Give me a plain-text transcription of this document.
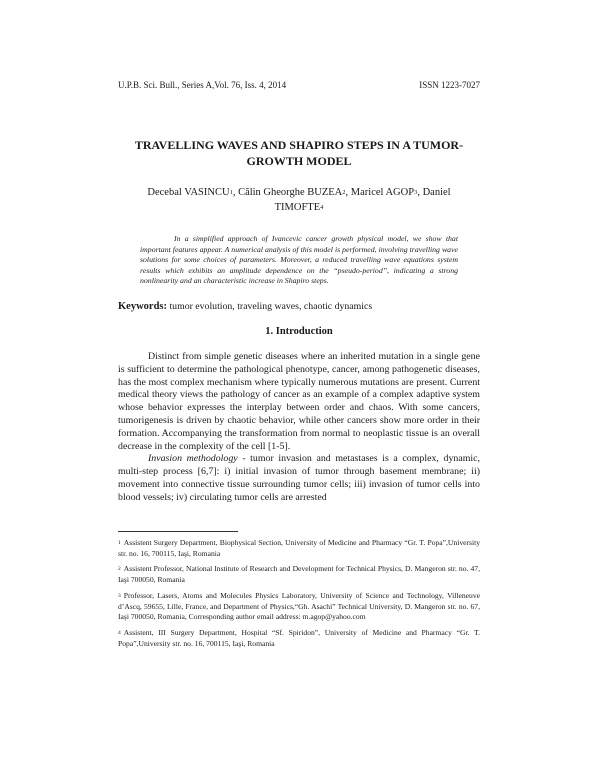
U.P.B. Sci. Bull., Series A,Vol. 76, Iss. 4, 2014	ISSN 1223-7027
TRAVELLING WAVES AND SHAPIRO STEPS IN A TUMOR-GROWTH MODEL
Decebal VASINCU$^1$, Călin Gheorghe BUZEA$^2$, Maricel AGOP$^3$, Daniel TIMOFTE$^4$
In a simplified approach of Ivancevic cancer growth physical model, we show that important features appear. A numerical analysis of this model is performed, involving travelling wave solutions for some choices of parameters. Moreover, a reduced travelling wave equations system results which exhibits an amplitude dependence on the “pseudo-period”, indicating a strong nonlinearity and an characteristic increase in Shapiro steps.
Keywords: tumor evolution, traveling waves, chaotic dynamics
1. Introduction

Distinct from simple genetic diseases where an inherited mutation in a single gene is sufficient to determine the pathological phenotype, cancer, among pathogenetic diseases, has the most complex mechanism where typically numerous mutations are present. Current medical theory views the pathology of cancer as an example of a complex adaptive system whose behavior expresses the interplay between order and chaos. With some cancers, tumorigenesis is driven by chaotic behavior, while other cancers show more order in their formation. Accompanying the transformation from normal to neoplastic tissue is an overall decrease in the complexity of the cell [1-5].

Invasion methodology - tumor invasion and metastases is a complex, dynamic, multi-step process [6,7]: i) initial invasion of tumor through basement membrane; ii) movement into connective tissue surrounding tumor cells; iii) invasion of tumor cells into blood vessels; iv) circulating tumor cells are arrested

$^1$ Assistent Surgery Department, Biophysical Section, University of Medicine and Pharmacy “Gr. T. Popa”,University str. no. 16, 700115, Iaşi, Romania
$^2$ Assistent Professor, National Institute of Research and Development for Technical Physics, D. Mangeron str. no. 47, Iaşi 700050, Romania
$^3$ Professor, Lasers, Atoms and Molecules Physics Laboratory, University of Science and Technology, Villeneuve d’Ascq, 59655, Lille, France, and Department of Physics,“Gh. Asachi” Technical University, D. Mangeron str. no. 67, Iaşi 700050, Romania, Corresponding author email address: m.agop@yahoo.com
$^4$ Assistent, III Surgery Department, Hospital “Sf. Spiridon”, University of Medicine and Pharmacy “Gr. T. Popa”,University str. no. 16, 700115, Iaşi, Romania
